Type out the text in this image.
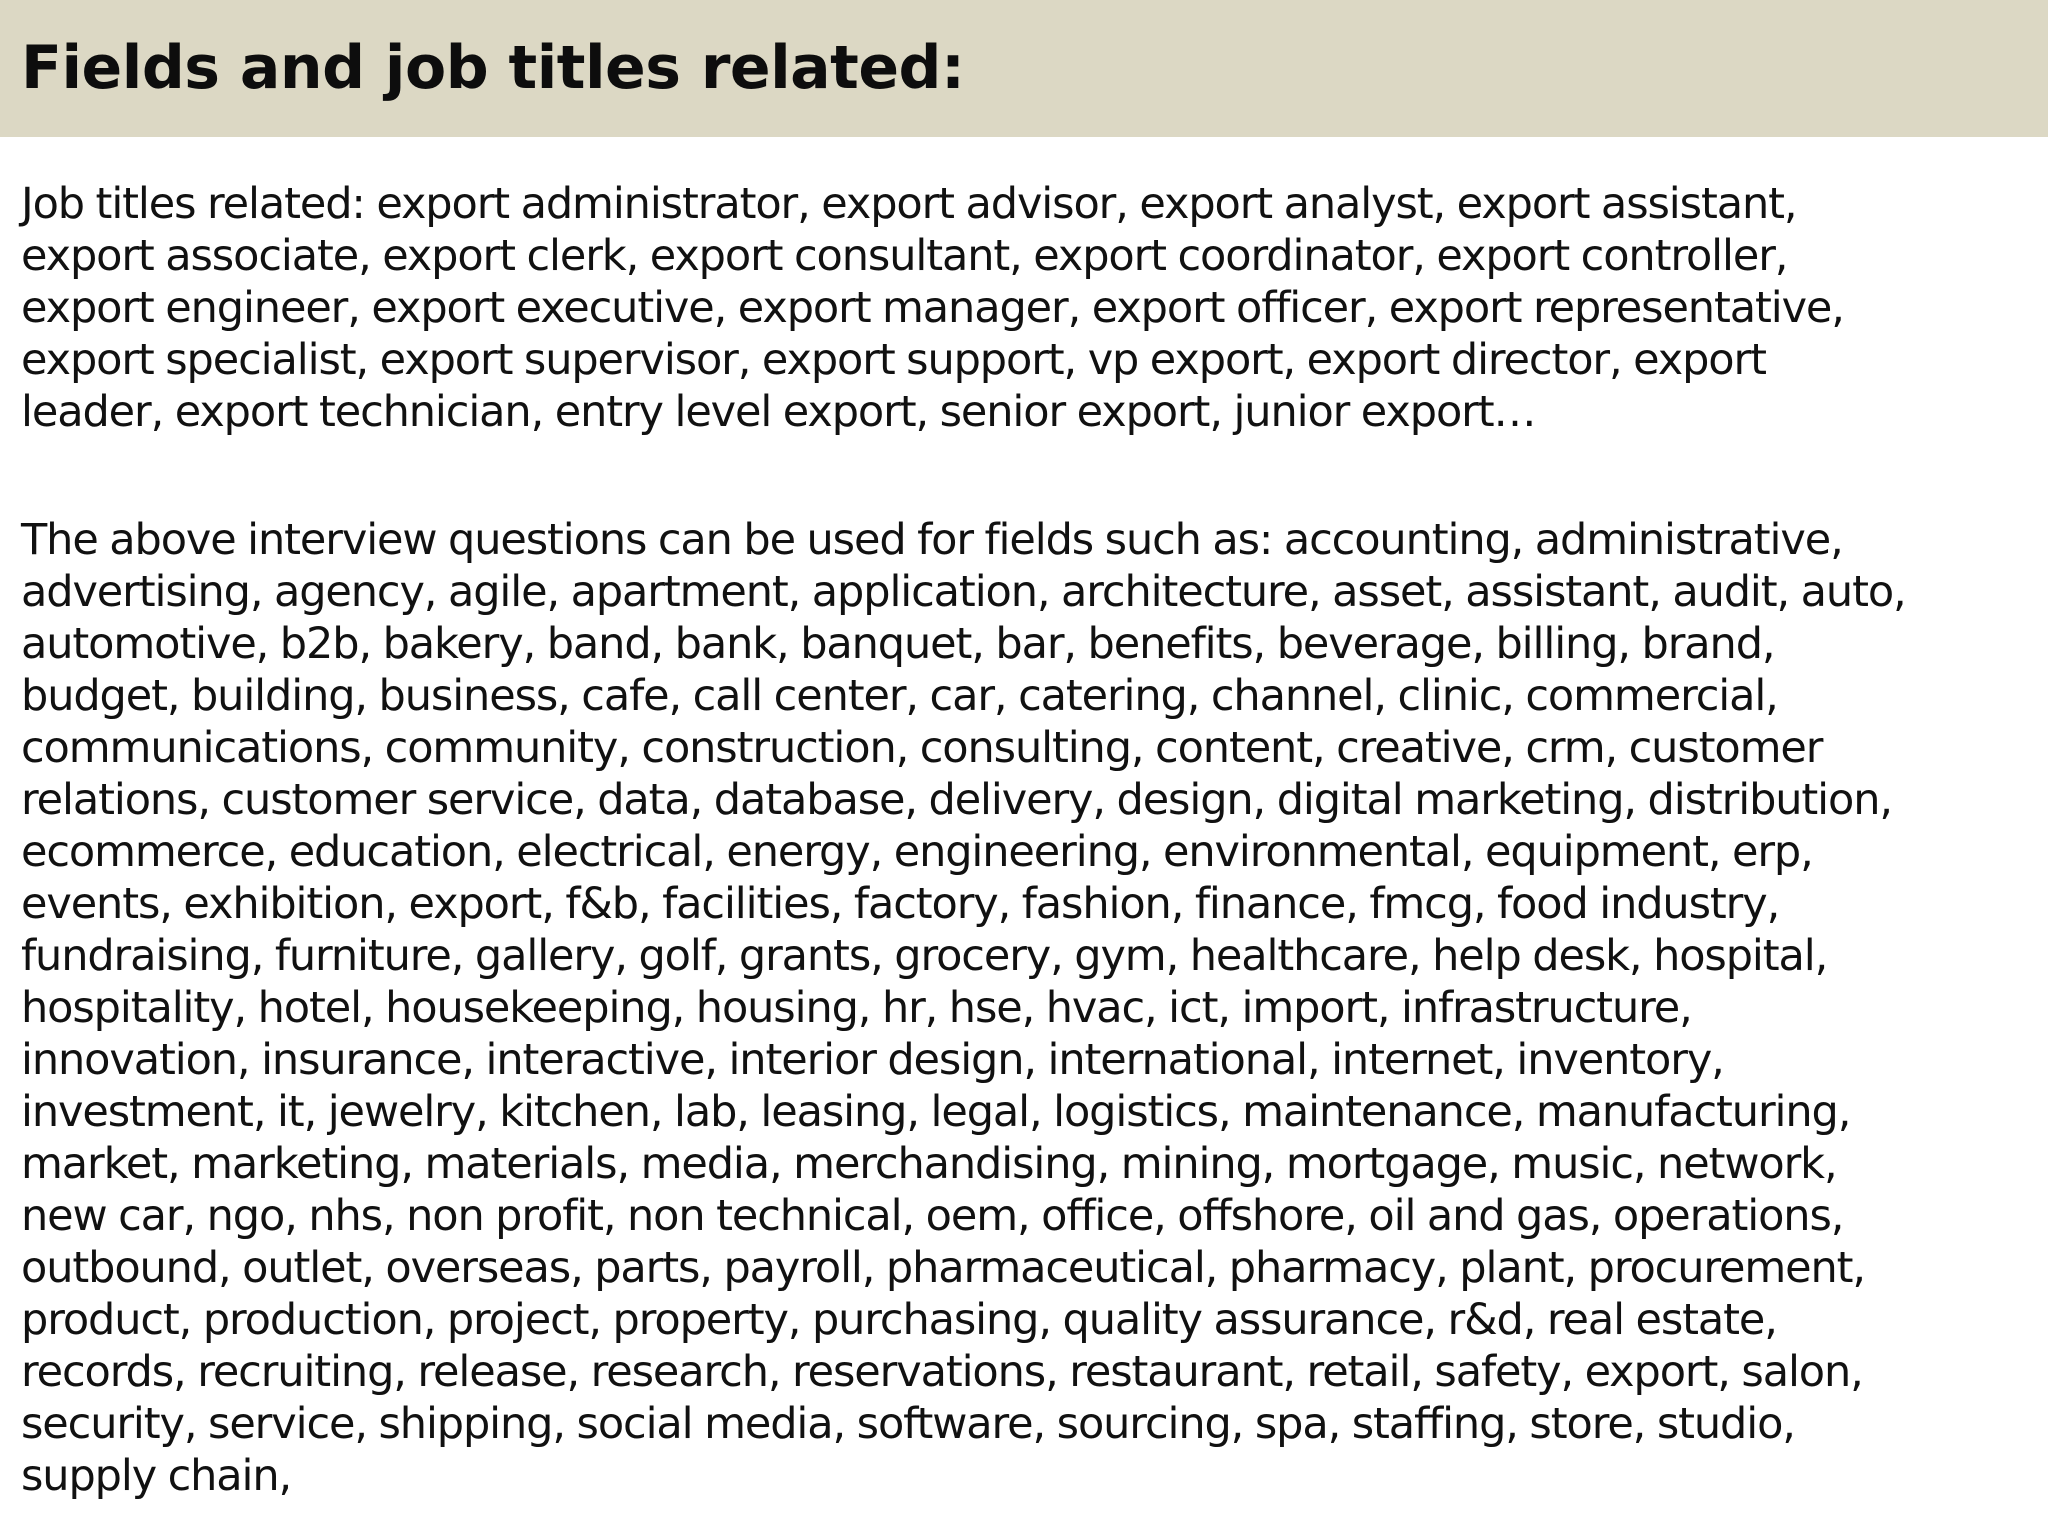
Fields and job titles related:

Job titles related: export administrator, export advisor, export analyst, export assistant,
export associate, export clerk, export consultant, export coordinator, export controller,
export engineer, export executive, export manager, export officer, export representative,
export specialist, export supervisor, export support, vp export, export director, export
leader, export technician, entry level export, senior export, junior export…

The above interview questions can be used for fields such as: accounting, administrative,
advertising, agency, agile, apartment, application, architecture, asset, assistant, audit, auto,
automotive, b2b, bakery, band, bank, banquet, bar, benefits, beverage, billing, brand,
budget, building, business, cafe, call center, car, catering, channel, clinic, commercial,
communications, community, construction, consulting, content, creative, crm, customer
relations, customer service, data, database, delivery, design, digital marketing, distribution,
ecommerce, education, electrical, energy, engineering, environmental, equipment, erp,
events, exhibition, export, f&b, facilities, factory, fashion, finance, fmcg, food industry,
fundraising, furniture, gallery, golf, grants, grocery, gym, healthcare, help desk, hospital,
hospitality, hotel, housekeeping, housing, hr, hse, hvac, ict, import, infrastructure,
innovation, insurance, interactive, interior design, international, internet, inventory,
investment, it, jewelry, kitchen, lab, leasing, legal, logistics, maintenance, manufacturing,
market, marketing, materials, media, merchandising, mining, mortgage, music, network,
new car, ngo, nhs, non profit, non technical, oem, office, offshore, oil and gas, operations,
outbound, outlet, overseas, parts, payroll, pharmaceutical, pharmacy, plant, procurement,
product, production, project, property, purchasing, quality assurance, r&d, real estate,
records, recruiting, release, research, reservations, restaurant, retail, safety, export, salon,
security, service, shipping, social media, software, sourcing, spa, staffing, store, studio,
supply chain,
